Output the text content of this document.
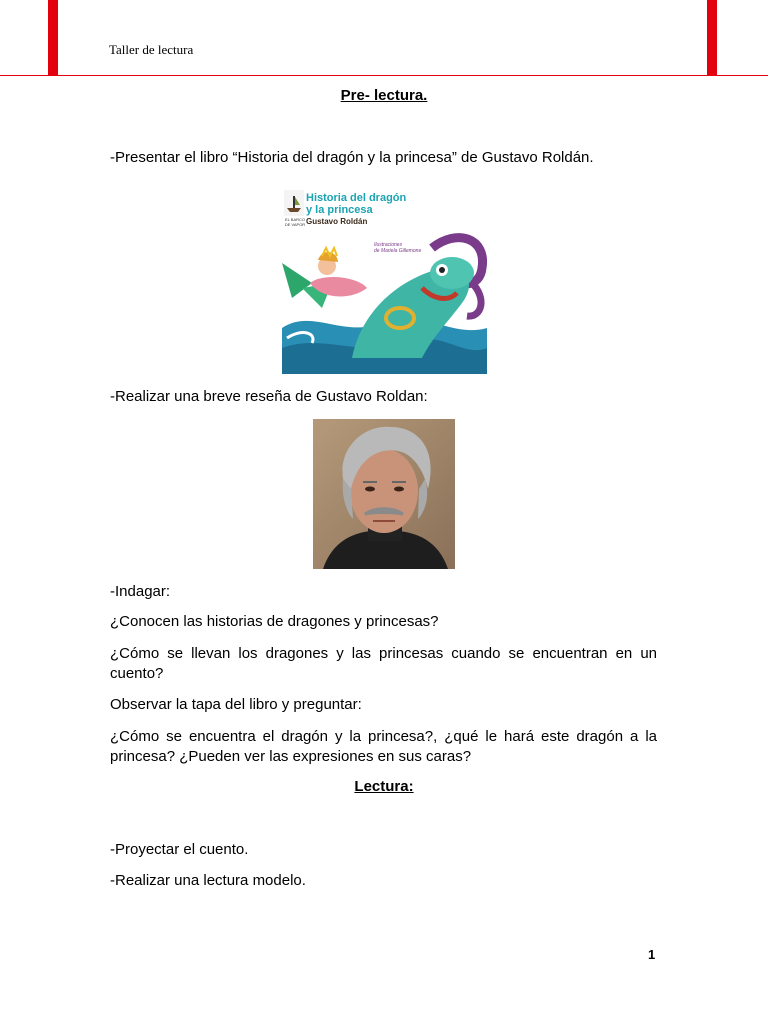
Taller de lectura
Pre- lectura.
-Presentar el libro “Historia del dragón y la princesa” de Gustavo Roldán.
EL BARCO
DE VAPOR
Historia del dragón
y la princesa
Gustavo Roldán
Ilustraciones
de Mariela Gillemone
-Realizar una breve reseña de Gustavo Roldan:
-Indagar:
¿Conocen las historias de dragones y princesas?
¿Cómo se llevan los dragones y las princesas cuando se encuentran en un cuento?
Observar la tapa del libro y preguntar:
¿Cómo se encuentra el dragón y la princesa?, ¿qué le hará este dragón a la princesa? ¿Pueden ver las expresiones en sus caras?
Lectura:
-Proyectar el cuento.
-Realizar una lectura modelo.
1
